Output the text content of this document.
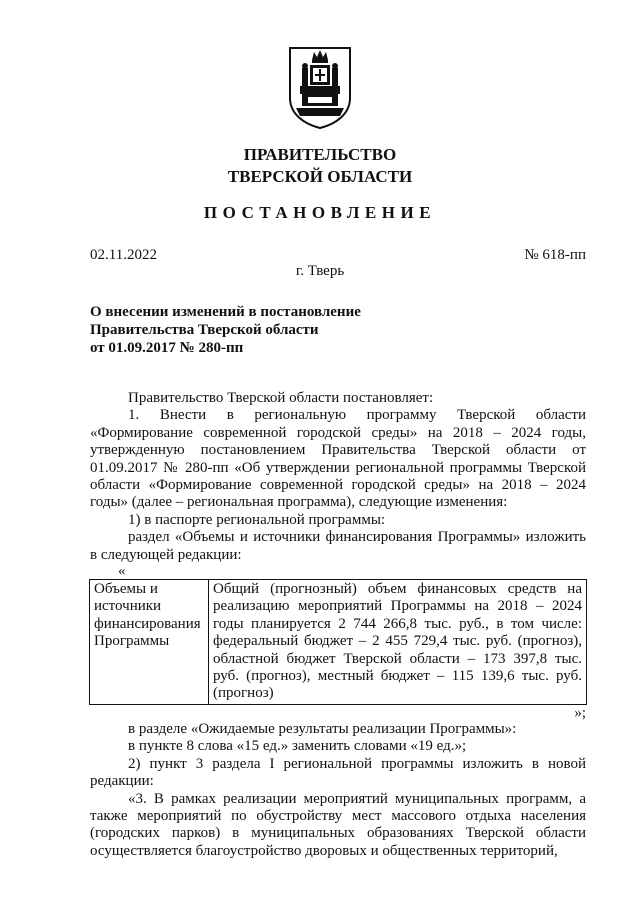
ПРАВИТЕЛЬСТВО
ТВЕРСКОЙ ОБЛАСТИ
ПОСТАНОВЛЕНИЕ
02.11.2022	№ 618-пп
г. Тверь
О внесении изменений в постановление
Правительства Тверской области
от 01.09.2017 № 280-пп
Правительство Тверской области постановляет:
1. Внести в региональную программу Тверской области «Формирование современной городской среды» на 2018 – 2024 годы, утвержденную постановлением Правительства Тверской области от 01.09.2017 № 280-пп «Об утверждении региональной программы Тверской области «Формирование современной городской среды» на 2018 – 2024 годы» (далее – региональная программа), следующие изменения:
1) в паспорте региональной программы:
раздел «Объемы и источники финансирования Программы» изложить в следующей редакции:
«
Объемы и источники финансирования Программы	Общий (прогнозный) объем финансовых средств на реализацию мероприятий Программы на 2018 – 2024 годы планируется 2 744 266,8 тыс. руб., в том числе: федеральный бюджет – 2 455 729,4 тыс. руб. (прогноз), областной бюджет Тверской области – 173 397,8 тыс. руб. (прогноз), местный бюджет – 115 139,6 тыс. руб. (прогноз)
»;
в разделе «Ожидаемые результаты реализации Программы»:
в пункте 8 слова «15 ед.» заменить словами «19 ед.»;
2) пункт 3 раздела I региональной программы изложить в новой редакции:
«3. В рамках реализации мероприятий муниципальных программ, а также мероприятий по обустройству мест массового отдыха населения (городских парков) в муниципальных образованиях Тверской области осуществляется благоустройство дворовых и общественных территорий,
